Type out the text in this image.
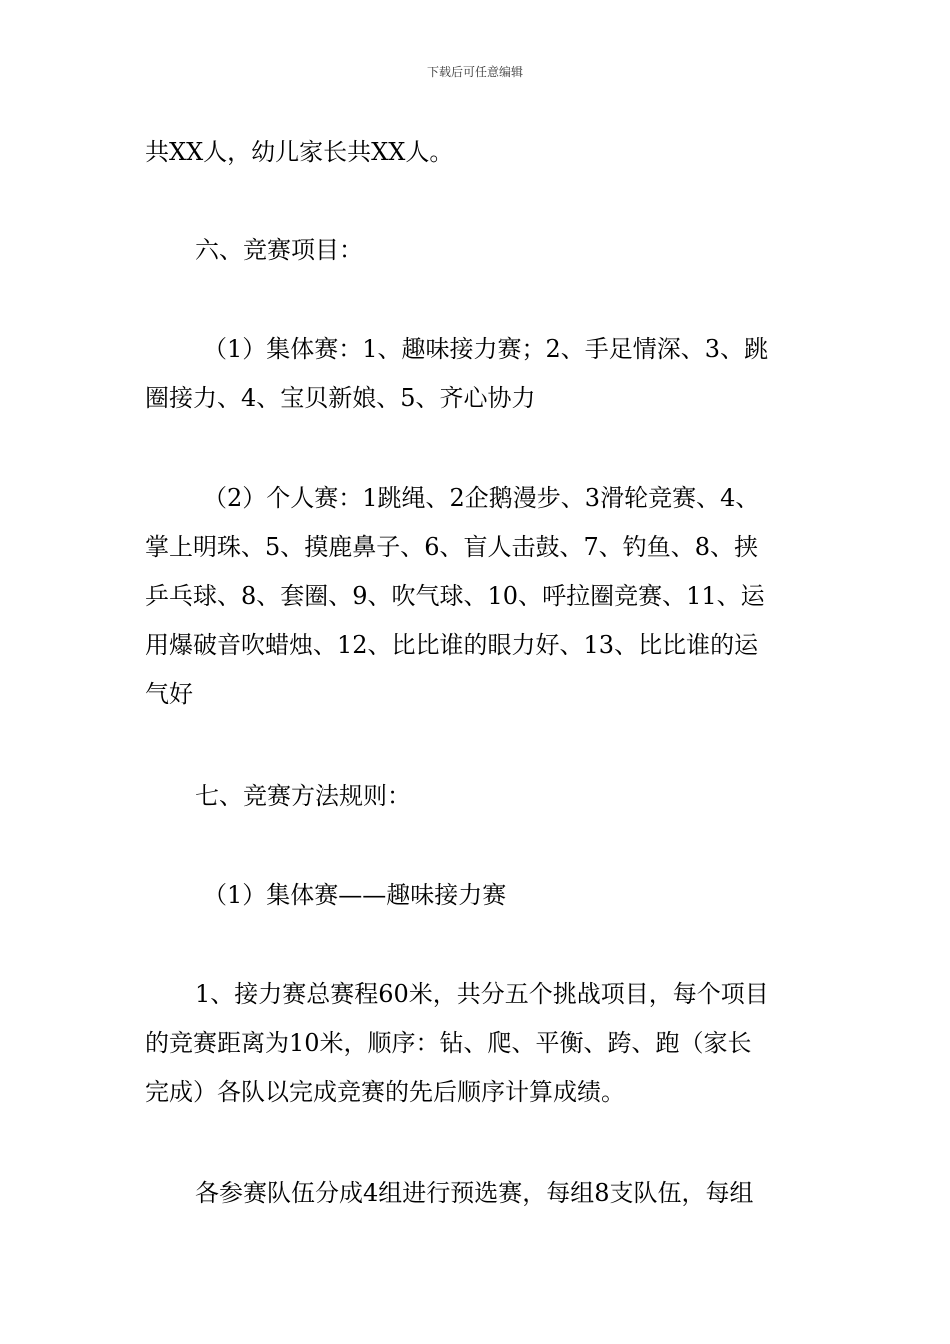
下载后可任意编辑
共XX人，幼儿家长共XX人。
六、竞赛项目：
（1）集体赛：1、趣味接力赛；2、手足情深、3、跳
圈接力、4、宝贝新娘、5、齐心协力
（2）个人赛：1跳绳、2企鹅漫步、3滑轮竞赛、4、
掌上明珠、5、摸鹿鼻子、6、盲人击鼓、7、钓鱼、8、挟
乒乓球、8、套圈、9、吹气球、10、呼拉圈竞赛、11、运
用爆破音吹蜡烛、12、比比谁的眼力好、13、比比谁的运
气好
七、竞赛方法规则：
（1）集体赛——趣味接力赛
1、接力赛总赛程60米，共分五个挑战项目，每个项目
的竞赛距离为10米，顺序：钻、爬、平衡、跨、跑（家长
完成）各队以完成竞赛的先后顺序计算成绩。
各参赛队伍分成4组进行预选赛，每组8支队伍，每组
